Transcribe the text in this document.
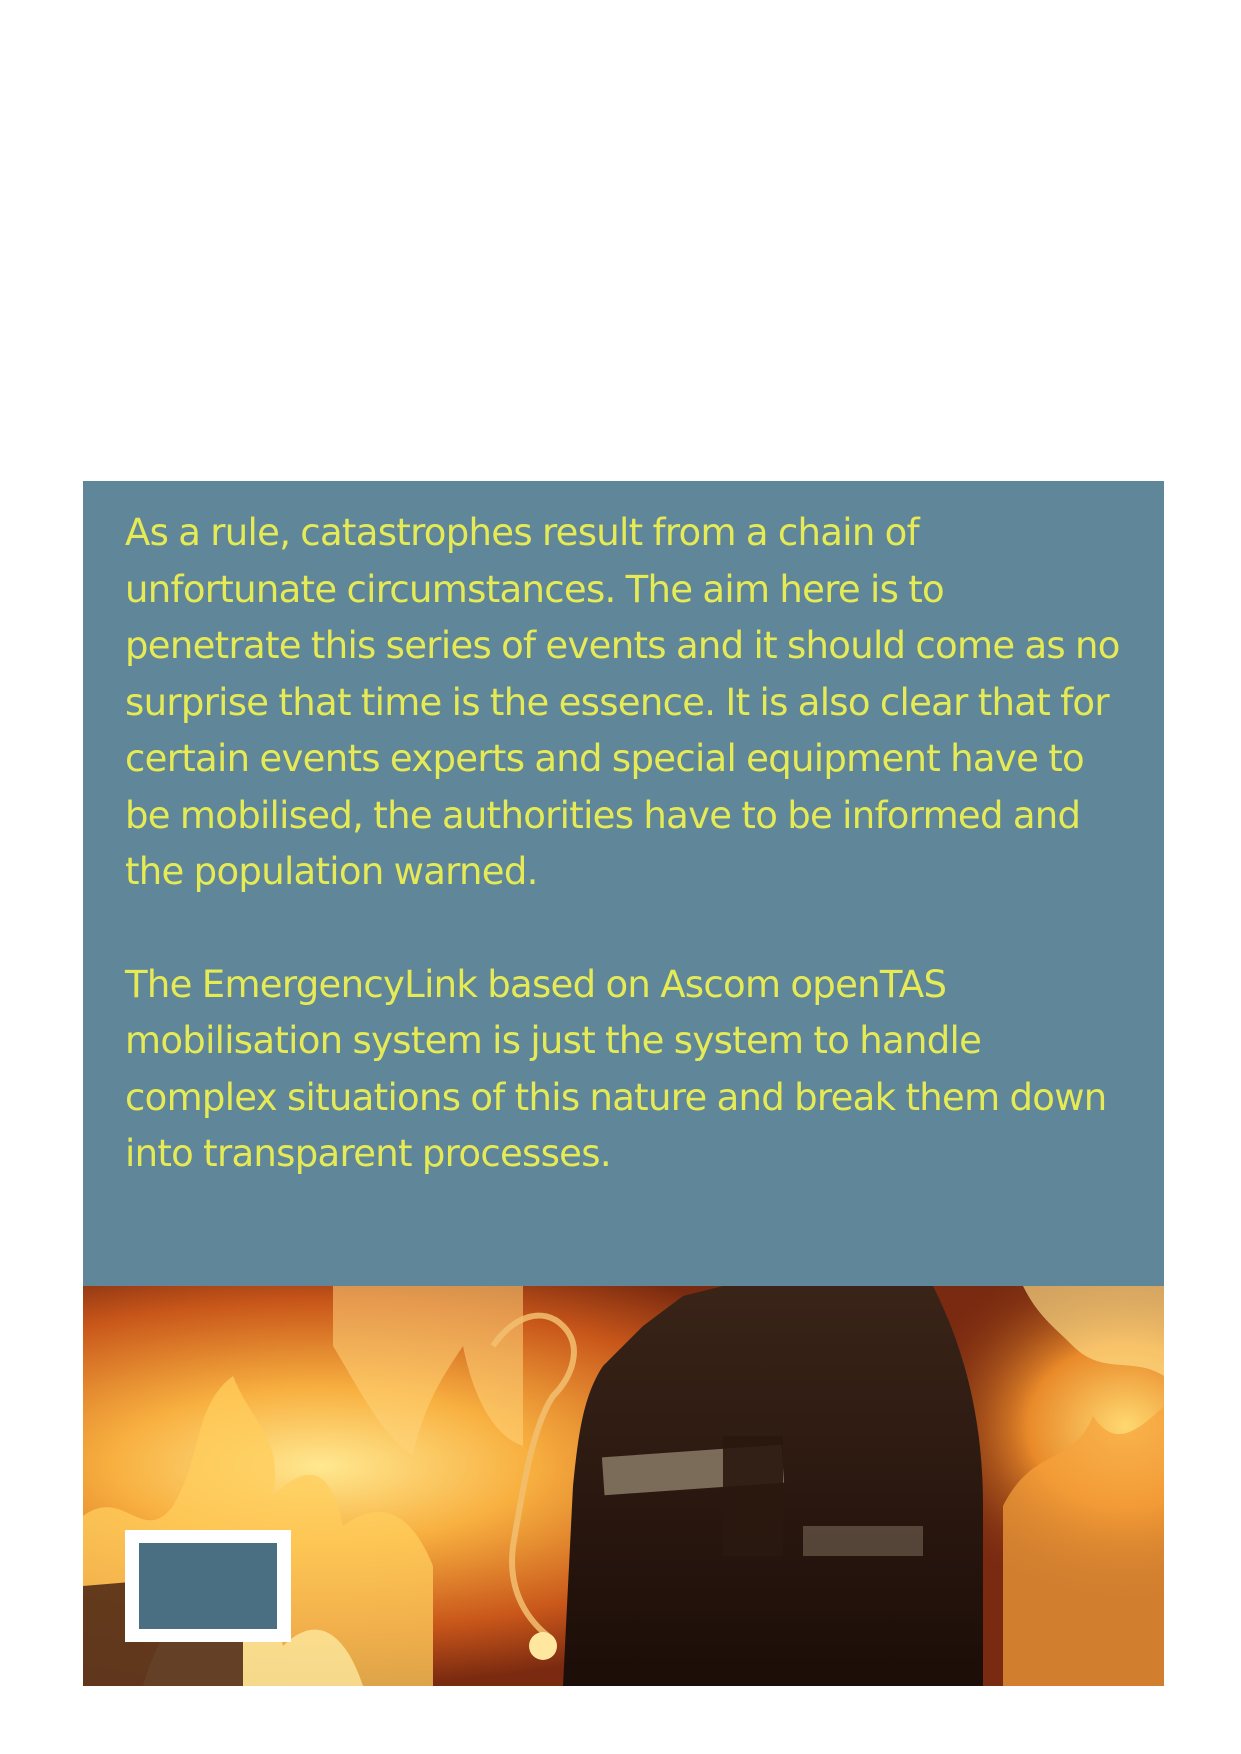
As a rule, catastrophes result from a chain of unfortunate circumstances. The aim here is to penetrate this series of events and it should come as no surprise that time is the essence. It is also clear that for certain events experts and special equipment have to be mobilised, the authorities have to be informed and the population warned.

The EmergencyLink based on Ascom openTAS mobilisation system is just the system to handle complex situations of this nature and break them down into transparent processes.
